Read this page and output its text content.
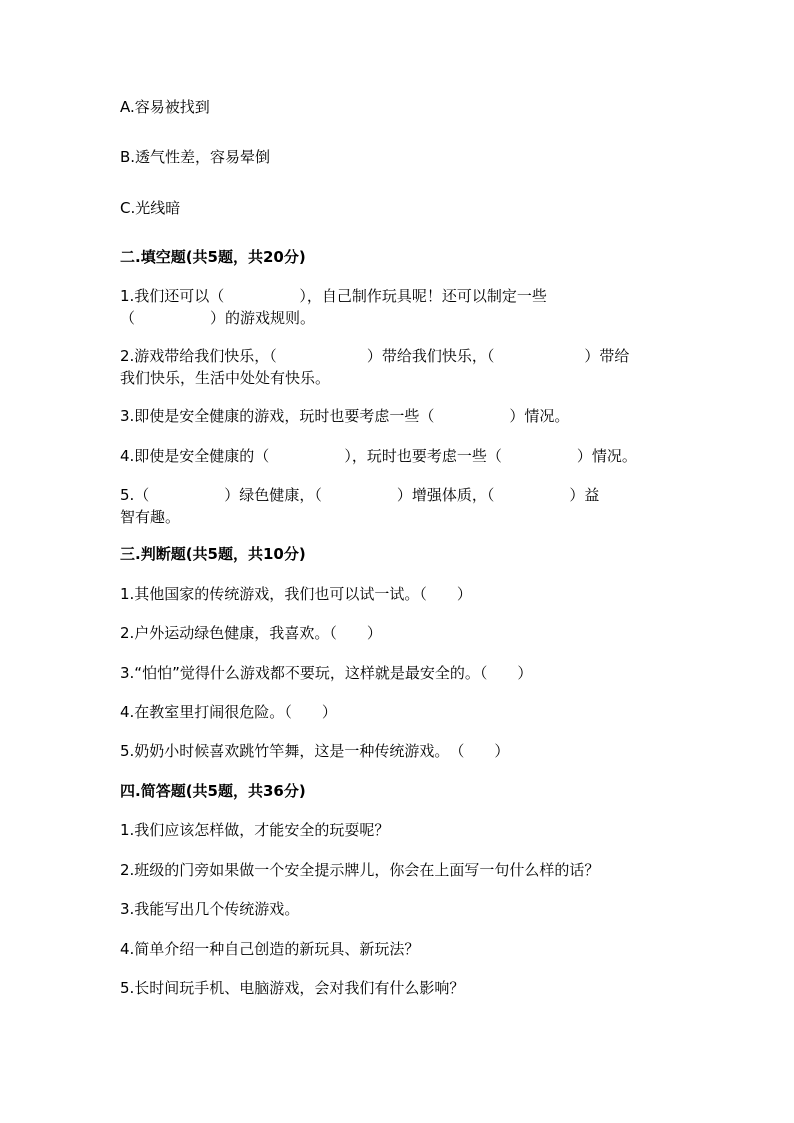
A.容易被找到
B.透气性差，容易晕倒
C.光线暗
二.填空题(共5题，共20分)
1.我们还可以（　　　　　），自己制作玩具呢！还可以制定一些
（　　　　　）的游戏规则。
2.游戏带给我们快乐，（　　　　　　）带给我们快乐，（　　　　　　）带给
我们快乐，生活中处处有快乐。
3.即使是安全健康的游戏，玩时也要考虑一些（　　　　　）情况。
4.即使是安全健康的（　　　　　），玩时也要考虑一些（　　　　　）情况。
5.（　　　　　）绿色健康，（　　　　　）增强体质，（　　　　　）益
智有趣。
三.判断题(共5题，共10分)
1.其他国家的传统游戏，我们也可以试一试。（　　）
2.户外运动绿色健康，我喜欢。（　　）
3.“怕怕”觉得什么游戏都不要玩，这样就是最安全的。（　　）
4.在教室里打闹很危险。（　　）
5.奶奶小时候喜欢跳竹竿舞，这是一种传统游戏。　（　　）
四.简答题(共5题，共36分)
1.我们应该怎样做，才能安全的玩耍呢？
2.班级的门旁如果做一个安全提示牌儿，你会在上面写一句什么样的话？
3.我能写出几个传统游戏。
4.简单介绍一种自己创造的新玩具、新玩法？
5.长时间玩手机、电脑游戏，会对我们有什么影响？
